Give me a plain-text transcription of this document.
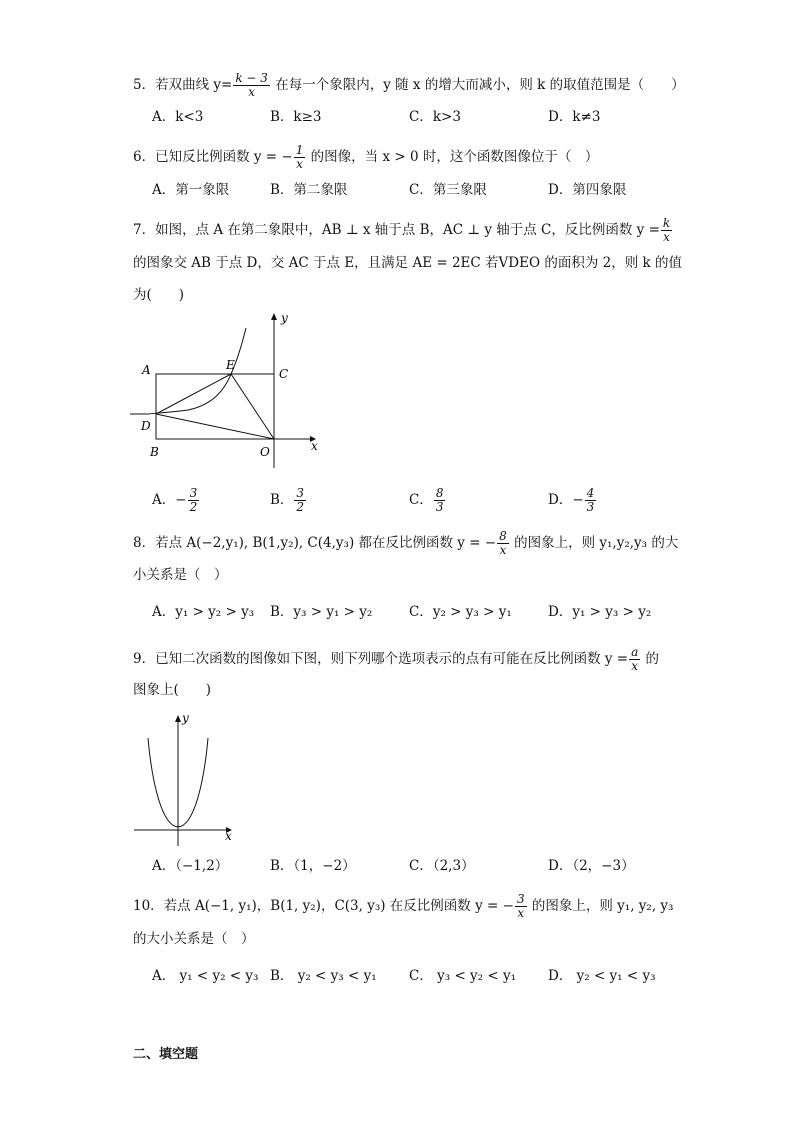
5．若双曲线 $y= \frac{k - 3}{x}$ 在每一个象限内，y 随 x 的增大而减小，则 k 的取值范围是（　　）
A．k<3	B．k≥3	C．k>3	D．k≠3
6．已知反比例函数 y = − $\frac{1}{x}$ 的图像，当 x > 0 时，这个函数图像位于（　）
A．第一象限	B．第二象限	C．第三象限	D．第四象限
7．如图，点 A 在第二象限中，AB ⊥ x 轴于点 B，AC ⊥ y 轴于点 C，反比例函数 $y = \frac{k}{x}$
的图象交 AB 于点 D，交 AC 于点 E，且满足 AE = 2EC 若VDEO 的面积为 2，则 k 的值
为(　　)
A	E
C
D
B	O	x
y
A．− $\frac{3}{2}$	B． $\frac{3}{2}$	C． $\frac{8}{3}$	D．− $\frac{4}{3}$
8．若点 A(−2,y₁), B(1,y₂), C(4,y₃) 都在反比例函数 y = − $\frac{8}{x}$ 的图象上，则 y₁,y₂,y₃ 的大
小关系是（　）
A．y₁ > y₂ > y₃ B．y₃ > y₁ > y₂	C．y₂ > y₃ > y₁	D．y₁ > y₃ > y₂
9．已知二次函数的图像如下图，则下列哪个选项表示的点有可能在反比例函数 $y = \frac{a}{x}$ 的
图象上(　　)
y
x
A．（−1,2）	B．（1，−2）	C．（2,3）	D．（2，−3）
10．若点 A(−1, y₁)，B(1, y₂)，C(3, y₃) 在反比例函数 y = − $\frac{3}{x}$ 的图象上，则 y₁, y₂, y₃
的大小关系是（　）
A． y₁ < y₂ < y₃ B． y₂ < y₃ < y₁ C． y₃ < y₂ < y₁ D． y₂ < y₁ < y₃
二、填空题
